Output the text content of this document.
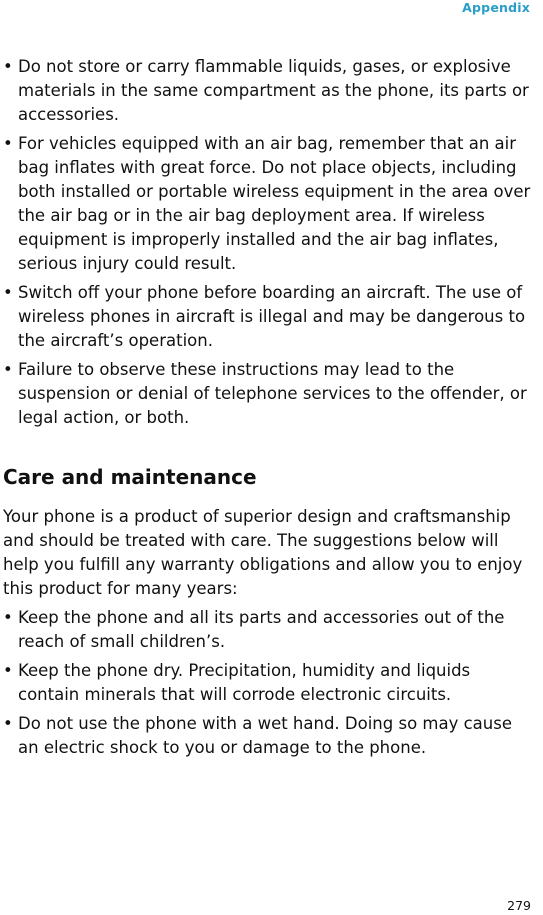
Appendix
• Do not store or carry flammable liquids, gases, or explosive materials in the same compartment as the phone, its parts or accessories.
• For vehicles equipped with an air bag, remember that an air bag inflates with great force. Do not place objects, including both installed or portable wireless equipment in the area over the air bag or in the air bag deployment area. If wireless equipment is improperly installed and the air bag inflates, serious injury could result.
• Switch off your phone before boarding an aircraft. The use of wireless phones in aircraft is illegal and may be dangerous to the aircraft’s operation.
• Failure to observe these instructions may lead to the suspension or denial of telephone services to the offender, or legal action, or both.
Care and maintenance
Your phone is a product of superior design and craftsmanship and should be treated with care. The suggestions below will help you fulfill any warranty obligations and allow you to enjoy this product for many years:
• Keep the phone and all its parts and accessories out of the reach of small children’s.
• Keep the phone dry. Precipitation, humidity and liquids contain minerals that will corrode electronic circuits.
• Do not use the phone with a wet hand. Doing so may cause an electric shock to you or damage to the phone.
279
